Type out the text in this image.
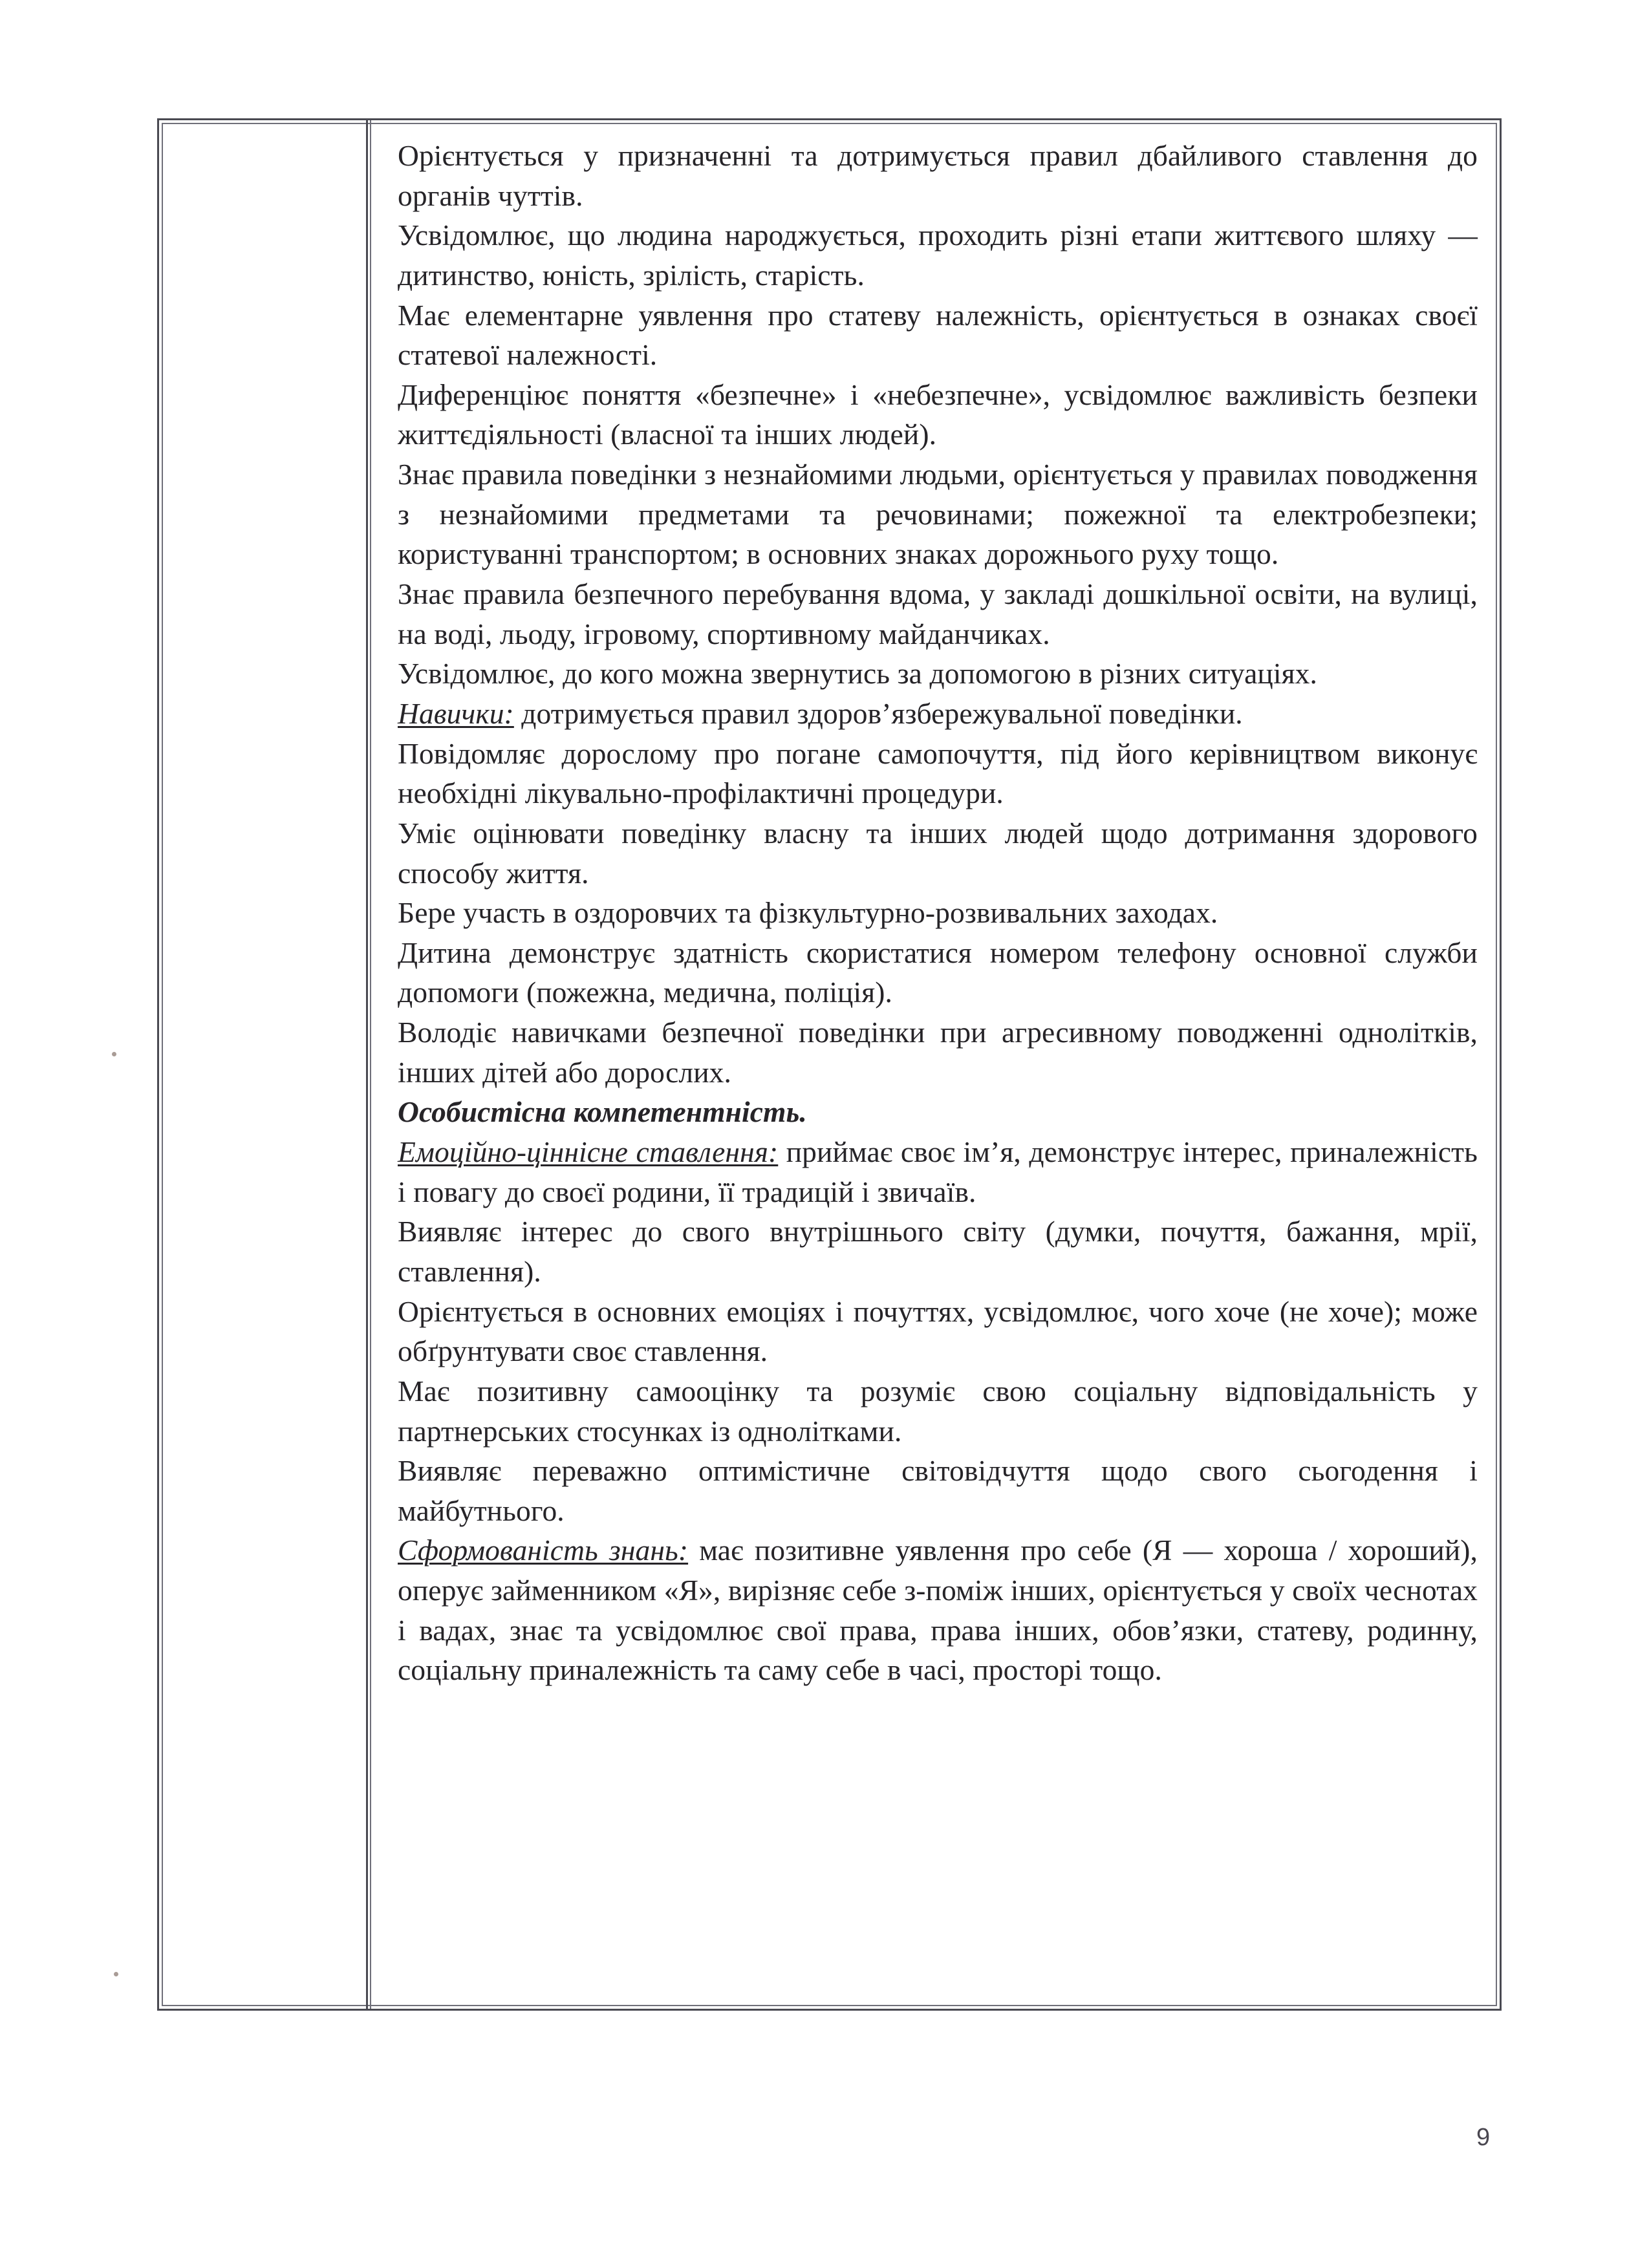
Орієнтується у призначенні та дотримується правил дбайливого ставлення до органів чуттів.

Усвідомлює, що людина народжується, проходить різні етапи життєвого шляху — дитинство, юність, зрілість, старість.

Має елементарне уявлення про статеву належність, орієнтується в ознаках своєї статевої належності.

Диференціює поняття «безпечне» і «небезпечне», усвідомлює важливість безпеки життєдіяльності (власної та інших людей).

Знає правила поведінки з незнайомими людьми, орієнтується у правилах поводження з незнайомими предметами та речовинами; пожежної та електробезпеки; користуванні транспортом; в основних знаках дорожнього руху тощо.

Знає правила безпечного перебування вдома, у закладі дошкільної освіти, на вулиці, на воді, льоду, ігровому, спортивному майданчиках.

Усвідомлює, до кого можна звернутись за допомогою в різних ситуаціях.

Навички: дотримується правил здоров’язбережувальної поведінки.

Повідомляє дорослому про погане самопочуття, під його керівництвом виконує необхідні лікувально-профілактичні процедури.

Уміє оцінювати поведінку власну та інших людей щодо дотримання здорового способу життя.

Бере участь в оздоровчих та фізкультурно-розвивальних заходах.

Дитина демонструє здатність скористатися номером телефону основної служби допомоги (пожежна, медична, поліція).

Володіє навичками безпечної поведінки при агресивному поводженні однолітків, інших дітей або дорослих.

Особистісна компетентність.

Емоційно-ціннісне ставлення: приймає своє ім’я, демонструє інтерес, приналежність і повагу до своєї родини, її традицій і звичаїв.

Виявляє інтерес до свого внутрішнього світу (думки, почуття, бажання, мрії, ставлення).

Орієнтується в основних емоціях і почуттях, усвідомлює, чого хоче (не хоче); може обґрунтувати своє ставлення.

Має позитивну самооцінку та розуміє свою соціальну відповідальність у партнерських стосунках із однолітками.

Виявляє переважно оптимістичне світовідчуття щодо свого сьогодення і майбутнього.

Сформованість знань: має позитивне уявлення про себе (Я — хороша / хороший), оперує займенником «Я», вирізняє себе з-поміж інших, орієнтується у своїх чеснотах і вадах, знає та усвідомлює свої права, права інших, обов’язки, статеву, родинну, соціальну приналежність та саму себе в часі, просторі тощо.

9
